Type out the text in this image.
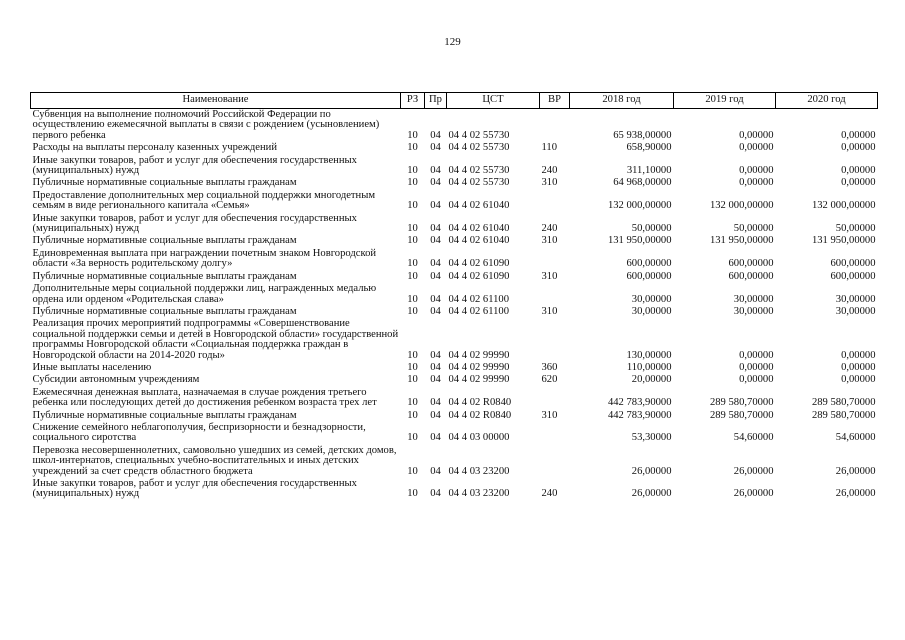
129
Наименование	РЗ	Пр	ЦСТ	ВР	2018 год	2019 год	2020 год
Субвенция на выполнение полномочий Российской Федерации по осуществлению ежемесячной выплаты в связи с рождением (усыновлением) первого ребенка	10	04	04 4 02 55730		65 938,00000	0,00000	0,00000
Расходы на выплаты персоналу казенных учреждений	10	04	04 4 02 55730	110	658,90000	0,00000	0,00000
Иные закупки товаров, работ и услуг для обеспечения государственных (муниципальных) нужд	10	04	04 4 02 55730	240	311,10000	0,00000	0,00000
Публичные нормативные социальные выплаты гражданам	10	04	04 4 02 55730	310	64 968,00000	0,00000	0,00000
Предоставление дополнительных мер социальной поддержки многодетным семьям в виде регионального капитала «Семья»	10	04	04 4 02 61040		132 000,00000	132 000,00000	132 000,00000
Иные закупки товаров, работ и услуг для обеспечения государственных (муниципальных) нужд	10	04	04 4 02 61040	240	50,00000	50,00000	50,00000
Публичные нормативные социальные выплаты гражданам	10	04	04 4 02 61040	310	131 950,00000	131 950,00000	131 950,00000
Единовременная выплата при награждении почетным знаком Новгородской области «За верность родительскому долгу»	10	04	04 4 02 61090		600,00000	600,00000	600,00000
Публичные нормативные социальные выплаты гражданам	10	04	04 4 02 61090	310	600,00000	600,00000	600,00000
Дополнительные меры социальной поддержки лиц, награжденных медалью ордена или орденом «Родительская слава»	10	04	04 4 02 61100		30,00000	30,00000	30,00000
Публичные нормативные социальные выплаты гражданам	10	04	04 4 02 61100	310	30,00000	30,00000	30,00000
Реализация прочих мероприятий подпрограммы «Совершенствование социальной поддержки семьи и детей в Новгородской области» государственной программы Новгородской области «Социальная поддержка граждан в Новгородской области на 2014-2020 годы»	10	04	04 4 02 99990		130,00000	0,00000	0,00000
Иные выплаты населению	10	04	04 4 02 99990	360	110,00000	0,00000	0,00000
Субсидии автономным учреждениям	10	04	04 4 02 99990	620	20,00000	0,00000	0,00000
Ежемесячная денежная выплата, назначаемая в случае рождения третьего ребенка или последующих детей до достижения ребенком возраста трех лет	10	04	04 4 02 R0840		442 783,90000	289 580,70000	289 580,70000
Публичные нормативные социальные выплаты гражданам	10	04	04 4 02 R0840	310	442 783,90000	289 580,70000	289 580,70000
Снижение семейного неблагополучия, беспризорности и безнадзорности, социального сиротства	10	04	04 4 03 00000		53,30000	54,60000	54,60000
Перевозка несовершеннолетних, самовольно ушедших из семей, детских домов, школ-интернатов, специальных учебно-воспитательных и иных детских учреждений за счет средств областного бюджета	10	04	04 4 03 23200		26,00000	26,00000	26,00000
Иные закупки товаров, работ и услуг для обеспечения государственных (муниципальных) нужд	10	04	04 4 03 23200	240	26,00000	26,00000	26,00000
